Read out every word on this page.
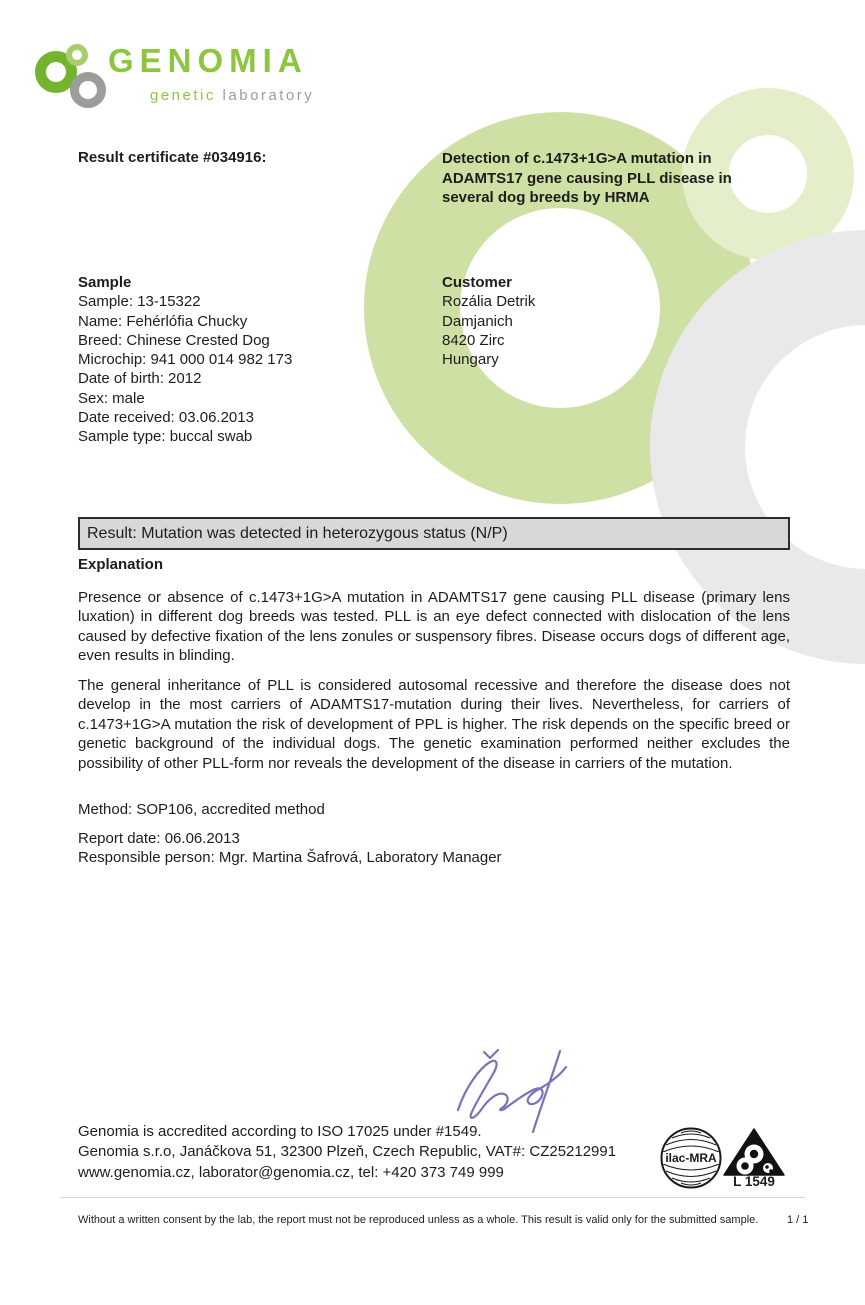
GENOMIA
genetic laboratory
Result certificate #034916:	Detection of c.1473+1G>A mutation in ADAMTS17 gene causing PLL disease in several dog breeds by HRMA
Sample
Sample: 13-15322
Name: Fehérlófia Chucky
Breed: Chinese Crested Dog
Microchip: 941 000 014 982 173
Date of birth: 2012
Sex: male
Date received: 03.06.2013
Sample type: buccal swab
Customer
Rozália Detrik
Damjanich
8420 Zirc
Hungary
Result: Mutation was detected in heterozygous status (N/P)
Explanation
Presence or absence of c.1473+1G>A mutation in ADAMTS17 gene causing PLL disease (primary lens luxation) in different dog breeds was tested. PLL is an eye defect connected with dislocation of the lens caused by defective fixation of the lens zonules or suspensory fibres. Disease occurs dogs of different age, even results in blinding.
The general inheritance of PLL is considered autosomal recessive and therefore the disease does not develop in the most carriers of ADAMTS17-mutation during their lives. Nevertheless, for carriers of c.1473+1G>A mutation the risk of development of PPL is higher. The risk depends on the specific breed or genetic background of the individual dogs. The genetic examination performed neither excludes the possibility of other PLL-form nor reveals the development of the disease in carriers of the mutation.
Method: SOP106, accredited method
Report date: 06.06.2013
Responsible person: Mgr. Martina Šafrová, Laboratory Manager
Genomia is accredited according to ISO 17025 under #1549.
Genomia s.r.o, Janáčkova 51, 32300 Plzeň, Czech Republic, VAT#: CZ25212991
www.genomia.cz, laborator@genomia.cz, tel: +420 373 749 999
ilac-MRA
L 1549
Without a written consent by the lab, the report must not be reproduced unless as a whole. This result is valid only for the submitted sample.	1 / 1
